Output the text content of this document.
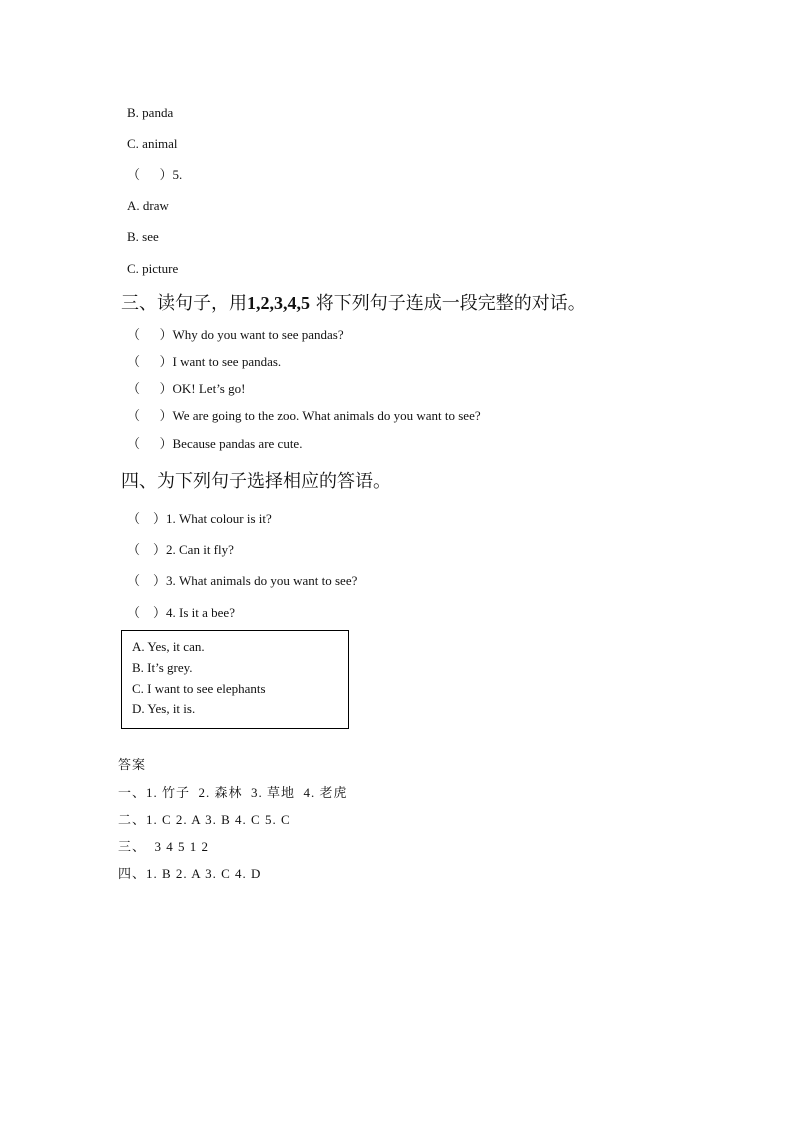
B. panda
C. animal
（      ）5.
A. draw
B. see
C. picture
三、读句子，用1,2,3,4,5 将下列句子连成一段完整的对话。
（      ）Why do you want to see pandas?
（      ）I want to see pandas.
（      ）OK! Let’s go!
（      ）We are going to the zoo. What animals do you want to see?
（      ）Because pandas are cute.
四、为下列句子选择相应的答语。
（    ）1. What colour is it?
（    ）2. Can it fly?
（    ）3. What animals do you want to see?
（    ）4. Is it a bee?
A. Yes, it can.
B. It’s grey.
C. I want to see elephants
D. Yes, it is.
答案
一、1. 竹子  2. 森林  3. 草地  4. 老虎
二、1. C 2. A 3. B 4. C 5. C
三、  3 4 5 1 2
四、1. B 2. A 3. C 4. D
